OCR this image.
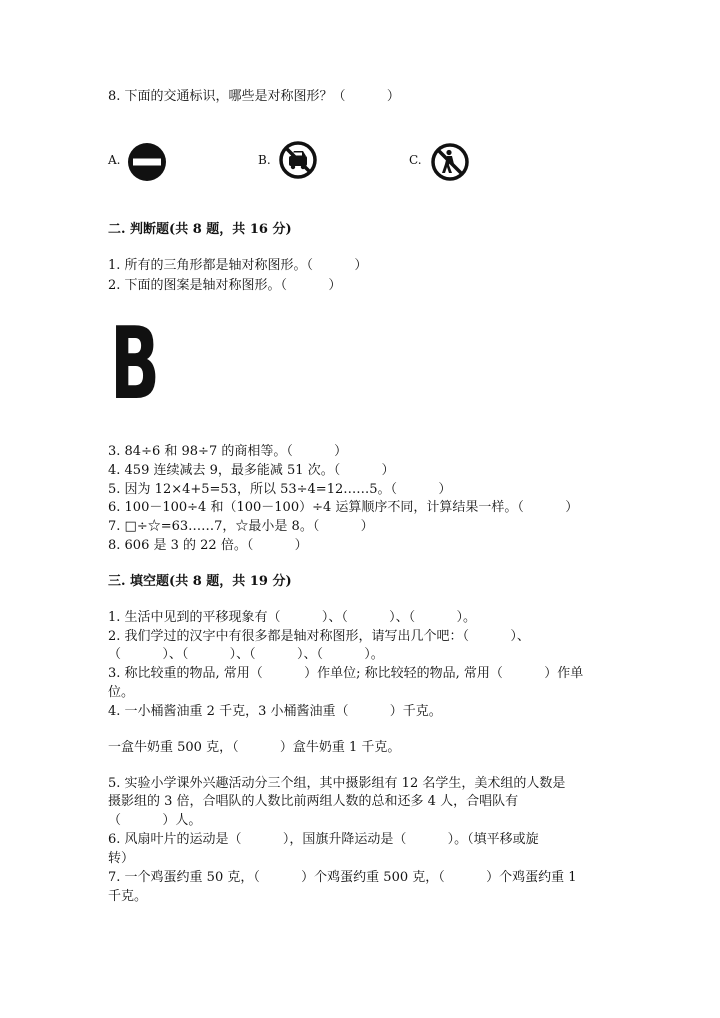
8. 下面的交通标识，哪些是对称图形？（          ）
A.	B.	C.
二. 判断题(共 8 题，共 16 分)
1. 所有的三角形都是轴对称图形。（          ）
2. 下面的图案是轴对称图形。（          ）
B
3. 84÷6 和 98÷7 的商相等。（          ）
4. 459 连续减去 9，最多能减 51 次。（          ）
5. 因为 12×4+5=53，所以 53÷4=12……5。（          ）
6. 100－100÷4 和（100－100）÷4 运算顺序不同，计算结果一样。（          ）
7. □÷☆=63……7，☆最小是 8。（          ）
8. 606 是 3 的 22 倍。（          ）
三. 填空题(共 8 题，共 19 分)
1. 生活中见到的平移现象有（          ）、（          ）、（          ）。
2. 我们学过的汉字中有很多都是轴对称图形，请写出几个吧：（          ）、
（          ）、（          ）、（          ）、（          ）。
3. 称比较重的物品, 常用（          ）作单位; 称比较轻的物品, 常用（          ）作单
位。
4. 一小桶酱油重 2 千克，3 小桶酱油重（          ）千克。
一盒牛奶重 500 克，（          ）盒牛奶重 1 千克。
5. 实验小学课外兴趣活动分三个组，其中摄影组有 12 名学生，美术组的人数是
摄影组的 3 倍，合唱队的人数比前两组人数的总和还多 4 人，合唱队有
（          ）人。
6. 风扇叶片的运动是（          ），国旗升降运动是（          ）。（填平移或旋
转）
7. 一个鸡蛋约重 50 克，（          ）个鸡蛋约重 500 克，（          ）个鸡蛋约重 1
千克。
